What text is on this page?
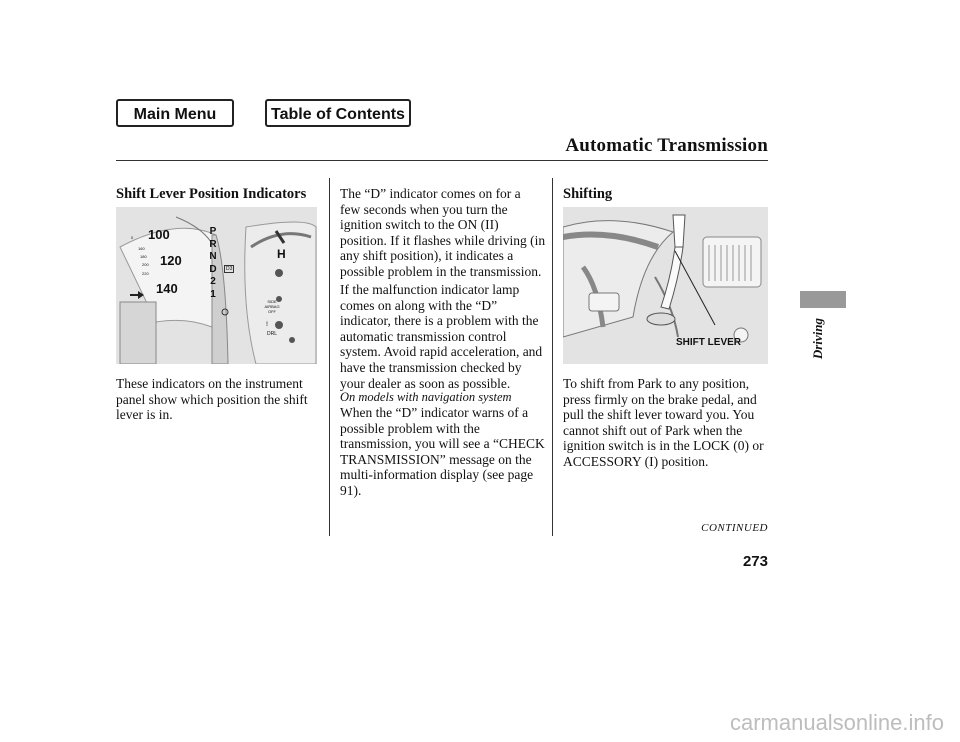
Main Menu	Table of Contents
Automatic Transmission
Shift Lever Position Indicators
!
100
120
140
0
160
180
200
220
P
R
N
D
2
1
D3
H
SIDE AIRBAG OFF
DRL
These indicators on the instrument
panel show which position the shift
lever is in.
The “D” indicator comes on for a
few seconds when you turn the
ignition switch to the ON (II)
position. If it flashes while driving (in
any shift position), it indicates a
possible problem in the transmission.
If the malfunction indicator lamp
comes on along with the “D”
indicator, there is a problem with the
automatic transmission control
system. Avoid rapid acceleration, and
have the transmission checked by
your dealer as soon as possible.
On models with navigation system
When the “D” indicator warns of a
possible problem with the
transmission, you will see a “CHECK
TRANSMISSION” message on the
multi-information display (see page
91).
Shifting
SHIFT LEVER
To shift from Park to any position,
press firmly on the brake pedal, and
pull the shift lever toward you. You
cannot shift out of Park when the
ignition switch is in the LOCK (0) or
ACCESSORY (I) position.
Driving
CONTINUED
273
carmanualsonline.info
